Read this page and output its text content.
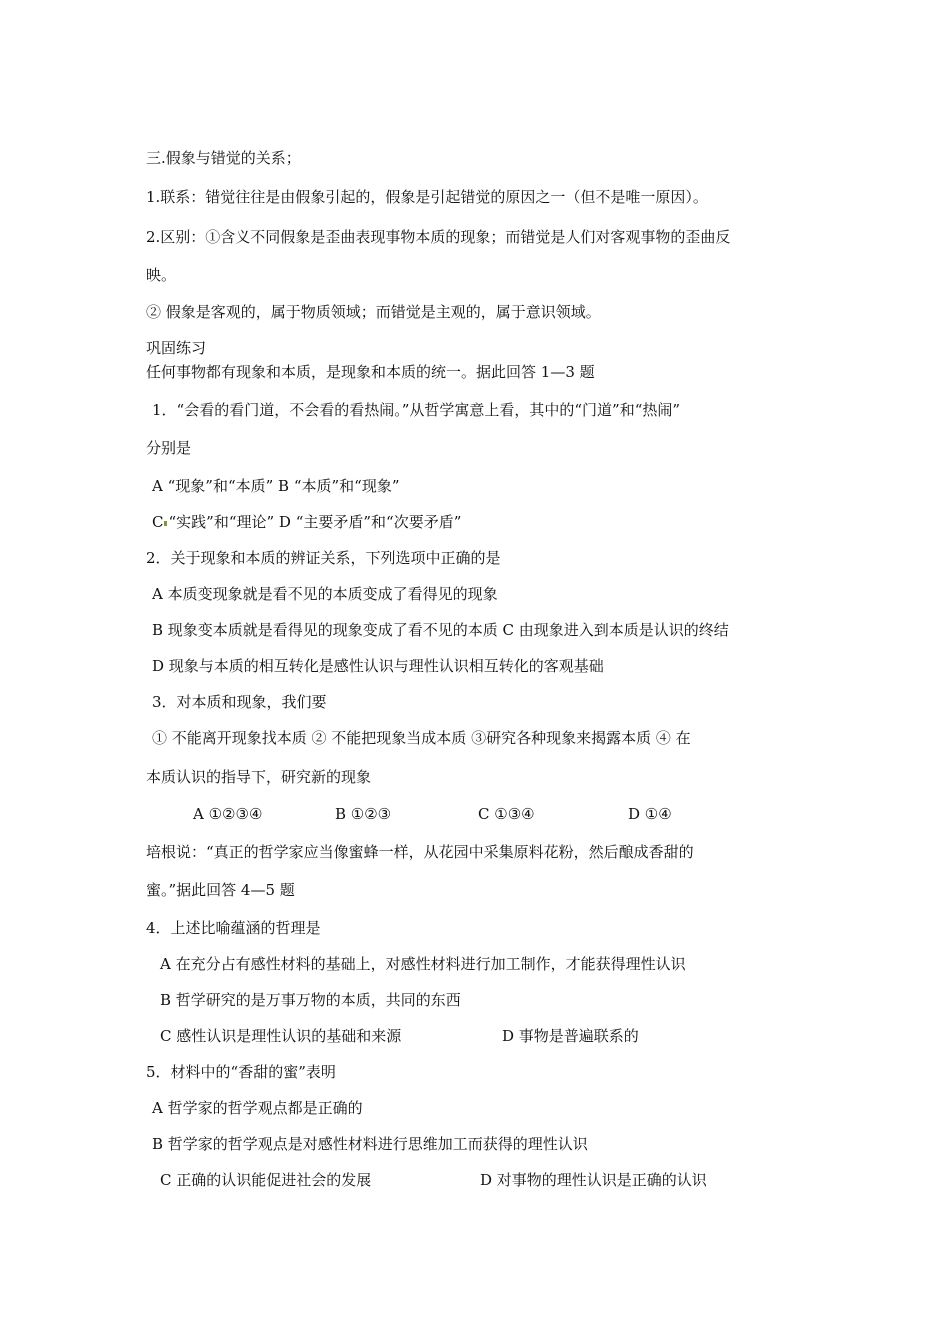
三.假象与错觉的关系；
1.联系：错觉往往是由假象引起的，假象是引起错觉的原因之一（但不是唯一原因）。
2.区别：①含义不同假象是歪曲表现事物本质的现象；而错觉是人们对客观事物的歪曲反
映。
② 假象是客观的，属于物质领域；而错觉是主观的，属于意识领域。
巩固练习
任何事物都有现象和本质，是现象和本质的统一。据此回答 1—3 题
1．“会看的看门道，不会看的看热闹。”从哲学寓意上看，其中的“门道”和“热闹”
分别是
A “现象”和“本质” B “本质”和“现象”
C “实践”和“理论” D “主要矛盾”和“次要矛盾”
2．关于现象和本质的辨证关系，下列选项中正确的是
A 本质变现象就是看不见的本质变成了看得见的现象
B 现象变本质就是看得见的现象变成了看不见的本质 C 由现象进入到本质是认识的终结
D 现象与本质的相互转化是感性认识与理性认识相互转化的客观基础
3．对本质和现象，我们要
① 不能离开现象找本质 ② 不能把现象当成本质 ③研究各种现象来揭露本质 ④ 在
本质认识的指导下，研究新的现象
A ①②③④	B ①②③	C ①③④	D ①④
培根说：“真正的哲学家应当像蜜蜂一样，从花园中采集原料花粉，然后酿成香甜的
蜜。”据此回答 4—5 题
4．上述比喻蕴涵的哲理是
A 在充分占有感性材料的基础上，对感性材料进行加工制作，才能获得理性认识
B 哲学研究的是万事万物的本质，共同的东西
C 感性认识是理性认识的基础和来源	D 事物是普遍联系的
5．材料中的“香甜的蜜”表明
A 哲学家的哲学观点都是正确的
B 哲学家的哲学观点是对感性材料进行思维加工而获得的理性认识
C 正确的认识能促进社会的发展	D 对事物的理性认识是正确的认识
